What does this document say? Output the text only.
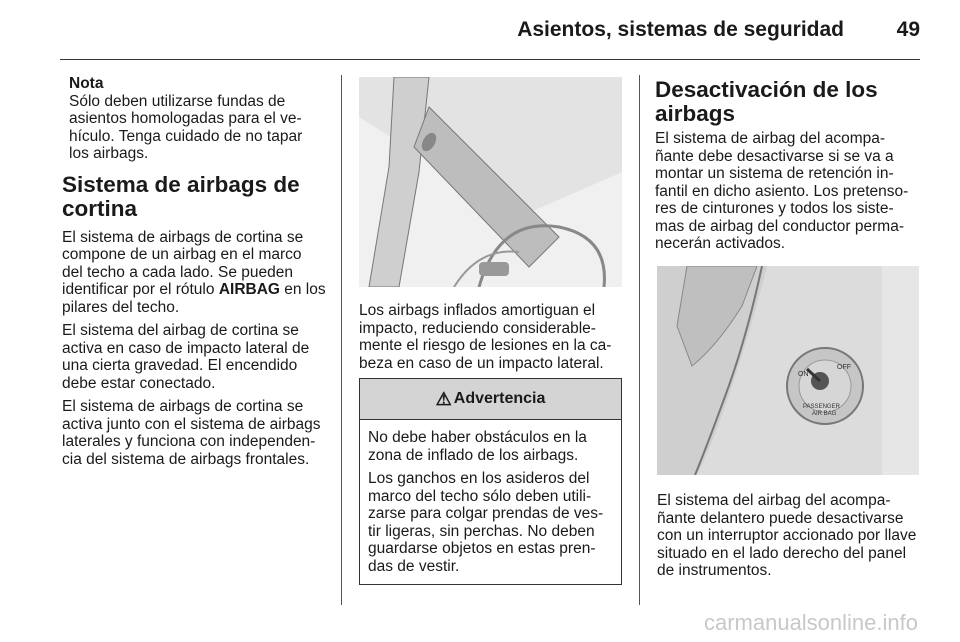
Asientos, sistemas de seguridad	49
Nota
Sólo deben utilizarse fundas de asientos homologadas para el ve- hículo. Tenga cuidado de no tapar los airbags.
Sistema de airbags de cortina

El sistema de airbags de cortina se compone de un airbag en el marco del techo a cada lado. Se pueden identificar por el rótulo AIRBAG en los pilares del techo.

El sistema del airbag de cortina se activa en caso de impacto lateral de una cierta gravedad. El encendido debe estar conectado.

El sistema de airbags de cortina se activa junto con el sistema de airbags laterales y funciona con independen- cia del sistema de airbags frontales.

Los airbags inflados amortiguan el impacto, reduciendo considerable- mente el riesgo de lesiones en la ca- beza en caso de un impacto lateral.
⚠ Advertencia

No debe haber obstáculos en la zona de inflado de los airbags.

Los ganchos en los asideros del marco del techo sólo deben utili- zarse para colgar prendas de ves- tir ligeras, sin perchas. No deben guardarse objetos en estas pren- das de vestir.

Desactivación de los airbags

El sistema de airbag del acompa- ñante debe desactivarse si se va a montar un sistema de retención in- fantil en dicho asiento. Los pretenso- res de cinturones y todos los siste- mas de airbag del conductor perma- necerán activados.

ON
OFF
PASSENGER
AIR BAG
El sistema del airbag del acompa- ñante delantero puede desactivarse con un interruptor accionado por llave situado en el lado derecho del panel de instrumentos.
carmanualsonline.info
